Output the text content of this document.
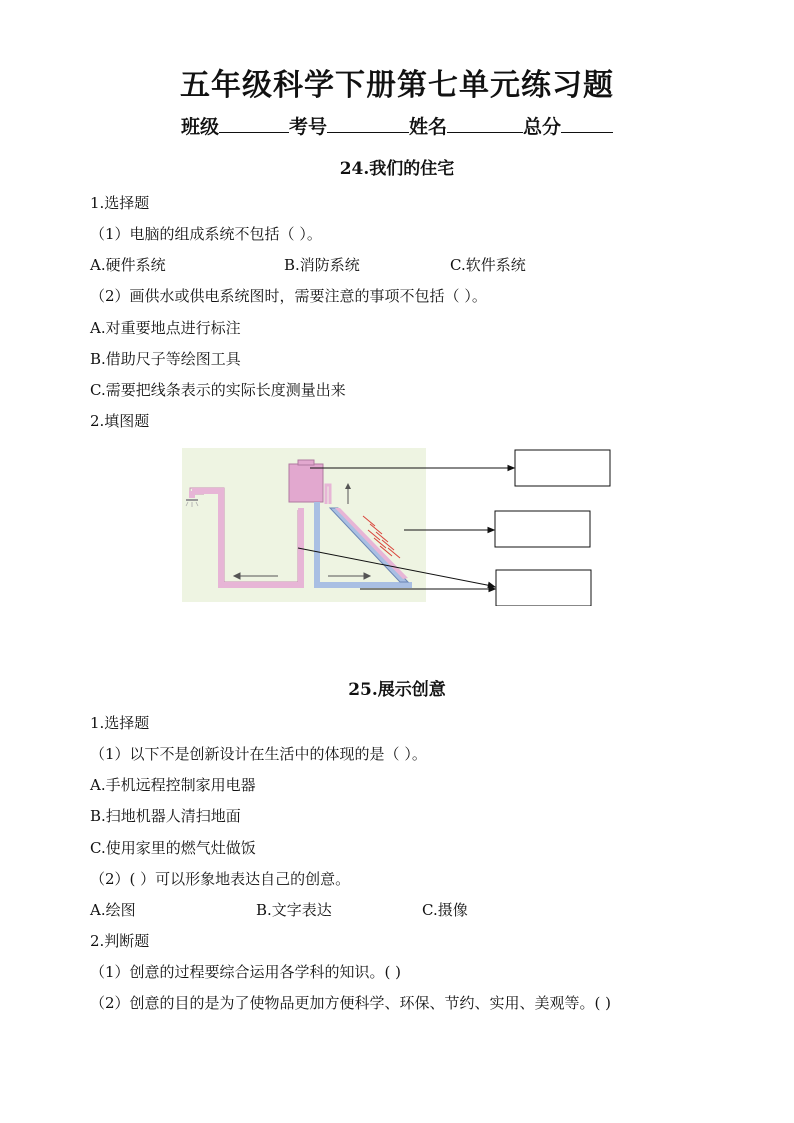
五年级科学下册第七单元练习题
班级	考号	姓名	总分
24.我们的住宅
1.选择题
（1）电脑的组成系统不包括（ ）。
A.硬件系统	B.消防系统	C.软件系统
（2）画供水或供电系统图时，需要注意的事项不包括（ ）。
A.对重要地点进行标注
B.借助尺子等绘图工具
C.需要把线条表示的实际长度测量出来
2.填图题
25.展示创意
1.选择题
（1）以下不是创新设计在生活中的体现的是（ ）。
A.手机远程控制家用电器
B.扫地机器人清扫地面
C.使用家里的燃气灶做饭
（2）( ）可以形象地表达自己的创意。
A.绘图	B.文字表达	C.摄像
2.判断题
（1）创意的过程要综合运用各学科的知识。( )
（2）创意的目的是为了使物品更加方便科学、环保、节约、实用、美观等。( )
